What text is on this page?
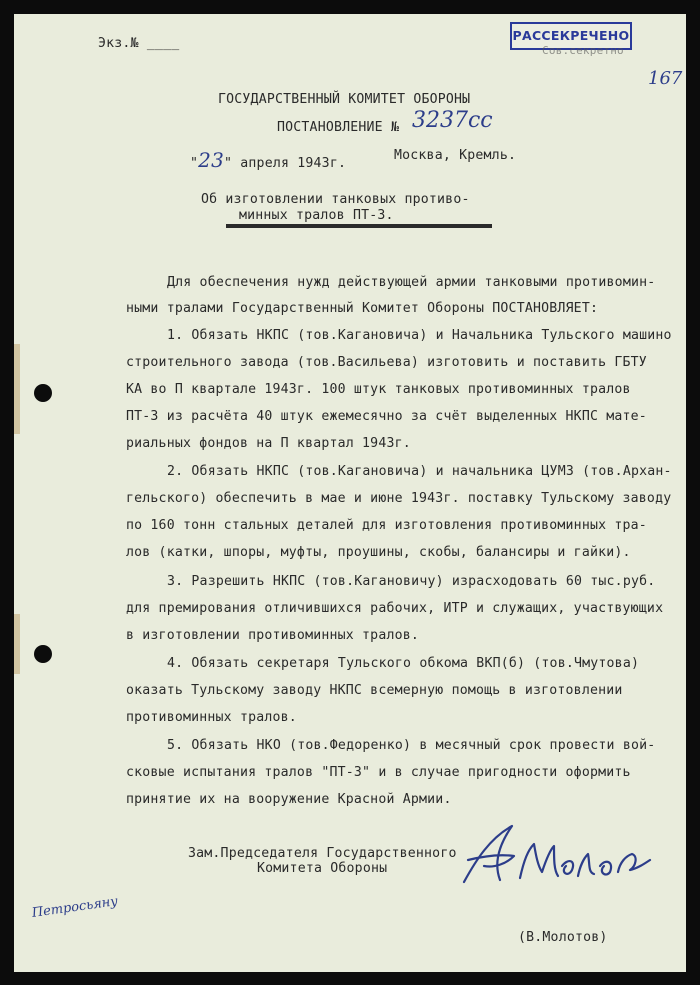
Экз.№ ____
РАССЕКРЕЧЕНО
Сов.секретно
167
ГОСУДАРСТВЕННЫЙ КОМИТЕТ ОБОРОНЫ
ПОСТАНОВЛЕНИЕ № 3237сс
"23" апреля 1943г.
Москва, Кремль.
Об изготовлении танковых противо-
минных тралов ПТ-3.
Для обеспечения нужд действующей армии танковыми противомин-
ными тралами Государственный Комитет Обороны ПОСТАНОВЛЯЕТ:
1. Обязать НКПС (тов.Кагановича) и Начальника Тульского машино
строительного завода (тов.Васильева) изготовить и поставить ГБТУ
КА во П квартале 1943г. 100 штук танковых противоминных тралов
ПТ-3 из расчёта 40 штук ежемесячно за счёт выделенных НКПС мате-
риальных фондов на П квартал 1943г.
2. Обязать НКПС (тов.Кагановича) и начальника ЦУМЗ (тов.Архан-
гельского) обеспечить в мае и июне 1943г. поставку Тульскому заводу
по 160 тонн стальных деталей для изготовления противоминных тра-
лов (катки, шпоры, муфты, проушины, скобы, балансиры и гайки).
3. Разрешить НКПС (тов.Кагановичу) израсходовать 60 тыс.руб.
для премирования отличившихся рабочих, ИТР и служащих, участвующих
в изготовлении противоминных тралов.
4. Обязать секретаря Тульского обкома ВКП(б) (тов.Чмутова)
оказать Тульскому заводу НКПС всемерную помощь в изготовлении
противоминных тралов.
5. Обязать НКО (тов.Федоренко) в месячный срок провести вой-
сковые испытания тралов "ПТ-3" и в случае пригодности оформить
принятие их на вооружение Красной Армии.
Зам.Председателя Государственного
Комитета Обороны
Петросьяну
(В.Молотов)
